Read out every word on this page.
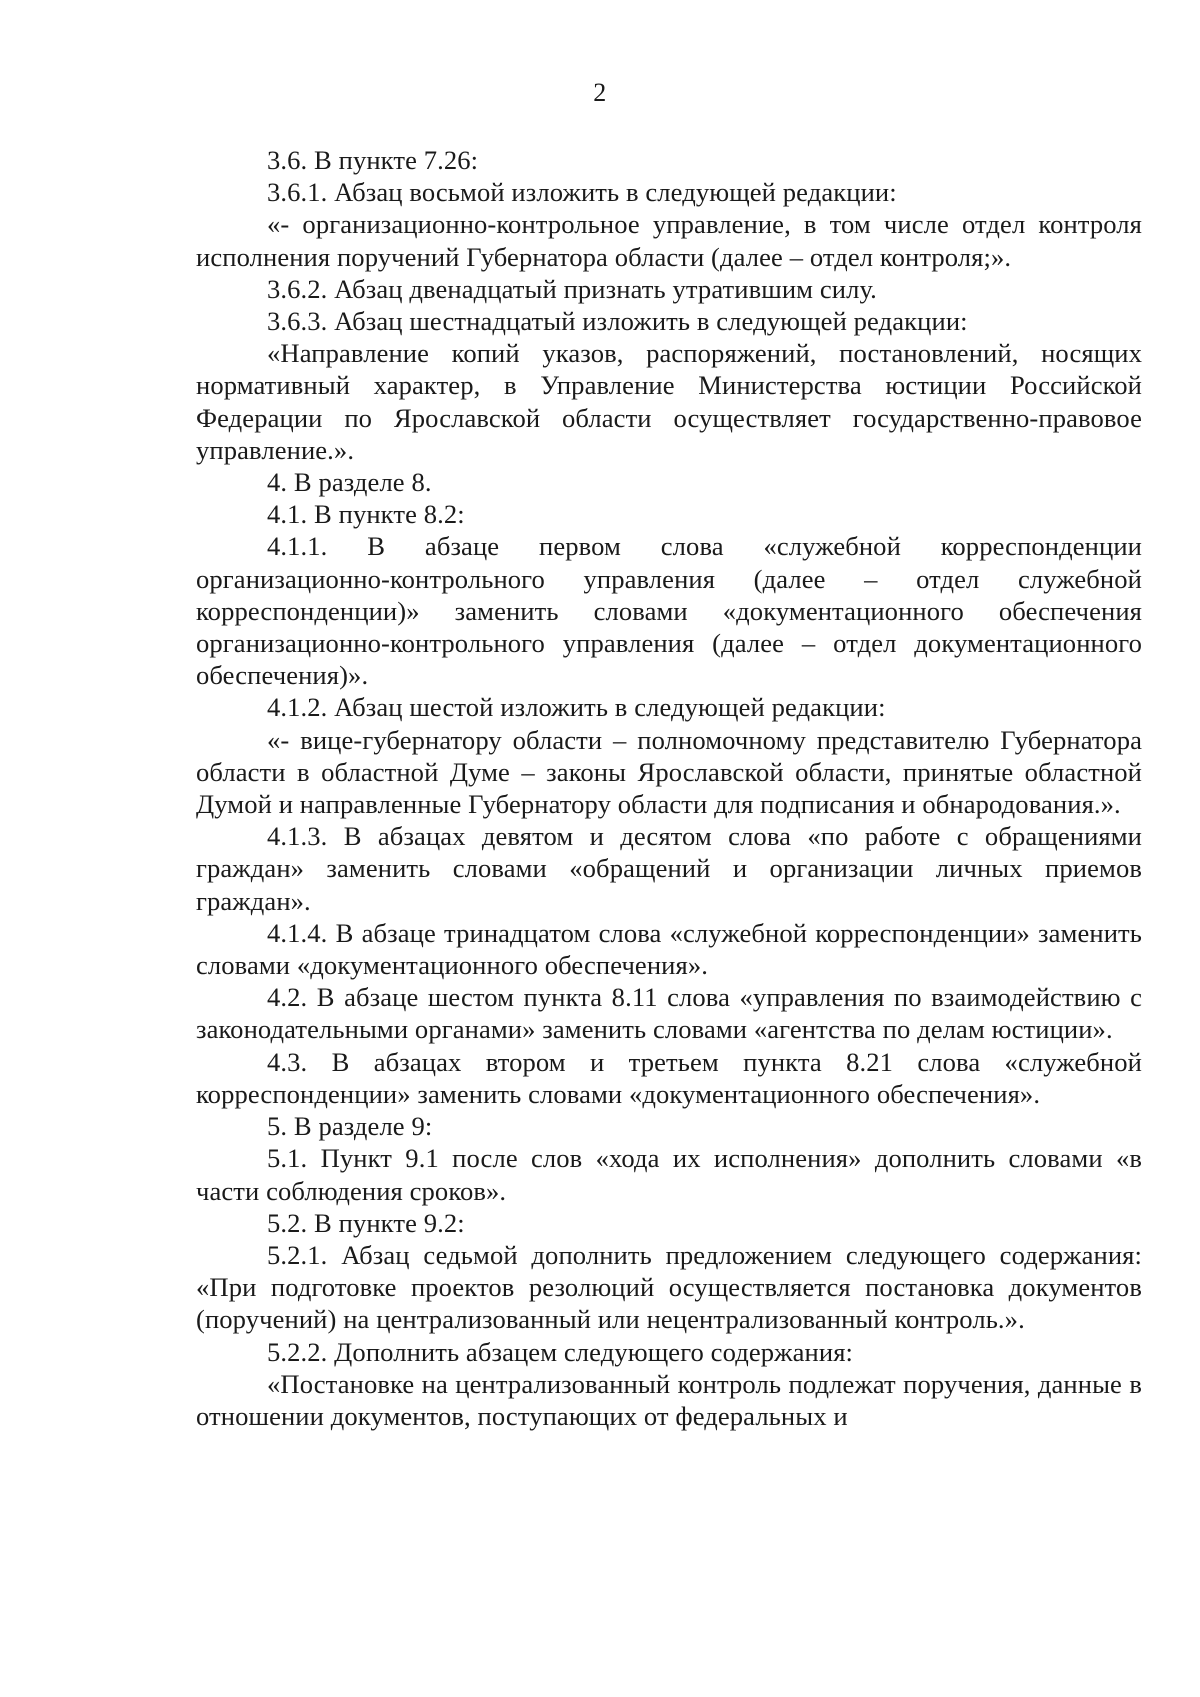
2

3.6. В пункте 7.26:

3.6.1. Абзац восьмой изложить в следующей редакции:

«- организационно-контрольное управление, в том числе отдел контроля исполнения поручений Губернатора области (далее – отдел контроля;».

3.6.2. Абзац двенадцатый признать утратившим силу.

3.6.3. Абзац шестнадцатый изложить в следующей редакции:

«Направление копий указов, распоряжений, постановлений, носящих нормативный характер, в Управление Министерства юстиции Российской Федерации по Ярославской области осуществляет государственно-правовое управление.».

4. В разделе 8.

4.1. В пункте 8.2:

4.1.1. В абзаце первом слова «служебной корреспонденции организационно-контрольного управления (далее – отдел служебной корреспонденции)» заменить словами «документационного обеспечения организационно-контрольного управления (далее – отдел документационного обеспечения)».

4.1.2. Абзац шестой изложить в следующей редакции:

«- вице-губернатору области – полномочному представителю Губернатора области в областной Думе – законы Ярославской области, принятые областной Думой и направленные Губернатору области для подписания и обнародования.».

4.1.3. В абзацах девятом и десятом слова «по работе с обращениями граждан» заменить словами «обращений и организации личных приемов граждан».

4.1.4. В абзаце тринадцатом слова «служебной корреспонденции» заменить словами «документационного обеспечения».

4.2. В абзаце шестом пункта 8.11 слова «управления по взаимодействию с законодательными органами» заменить словами «агентства по делам юстиции».

4.3. В абзацах втором и третьем пункта 8.21 слова «служебной корреспонденции» заменить словами «документационного обеспечения».

5. В разделе 9:

5.1. Пункт 9.1 после слов «хода их исполнения» дополнить словами «в части соблюдения сроков».

5.2. В пункте 9.2:

5.2.1. Абзац седьмой дополнить предложением следующего содержания: «При подготовке проектов резолюций осуществляется постановка документов (поручений) на централизованный или нецентрализованный контроль.».

5.2.2. Дополнить абзацем следующего содержания:

«Постановке на централизованный контроль подлежат поручения, данные в отношении документов, поступающих от федеральных и
